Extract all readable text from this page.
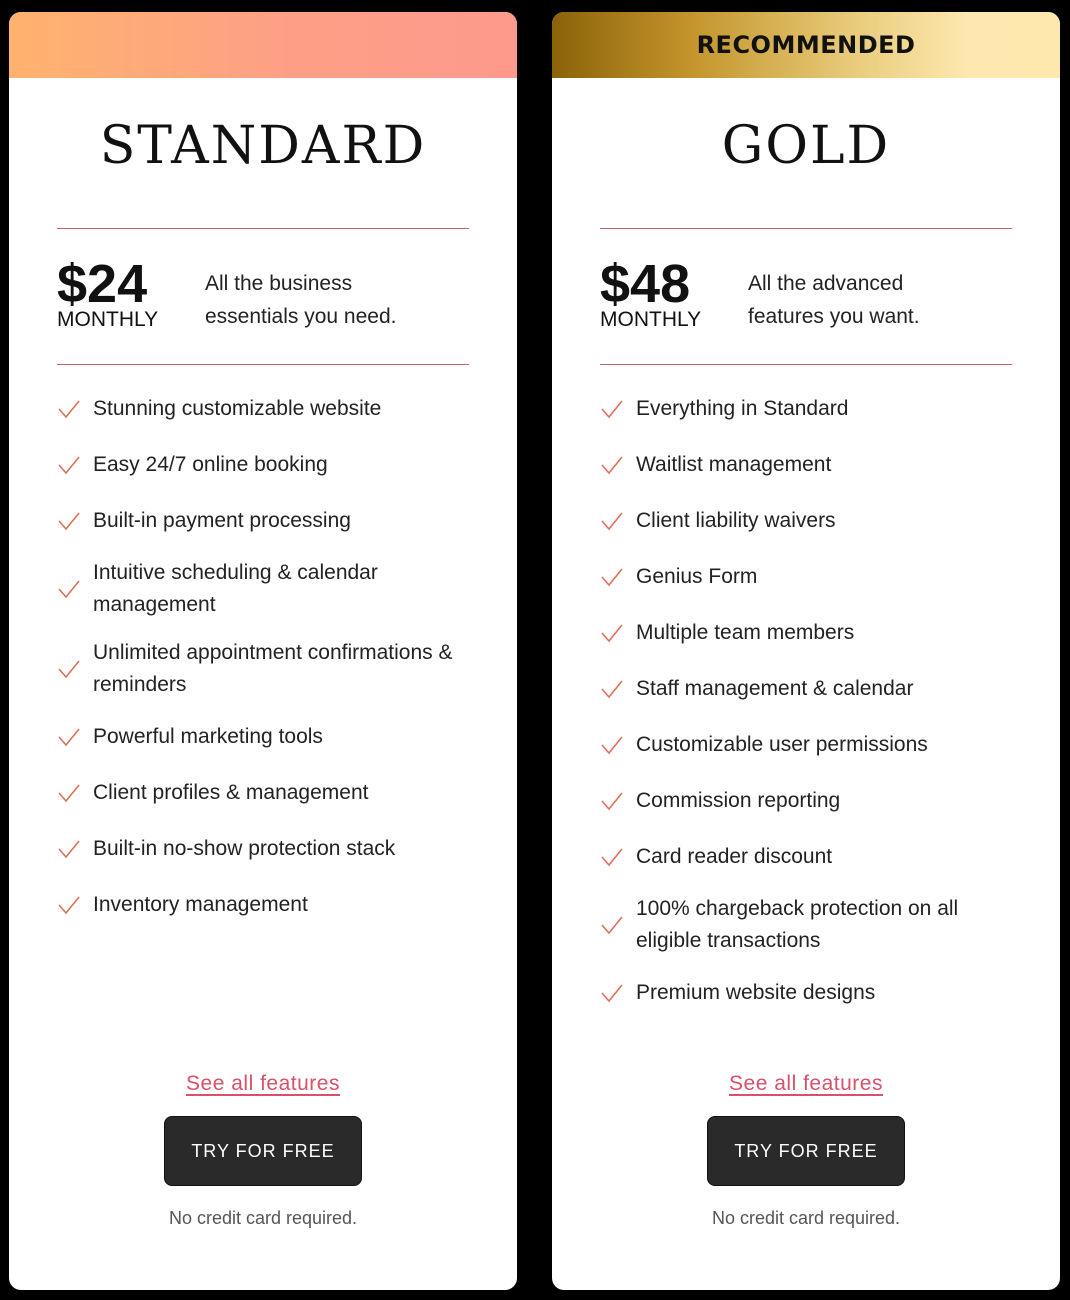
STANDARD
$24
MONTHLY
All the business essentials you need.
Stunning customizable website
Easy 24/7 online booking
Built-in payment processing
Intuitive scheduling & calendar management
Unlimited appointment confirmations & reminders
Powerful marketing tools
Client profiles & management
Built-in no-show protection stack
Inventory management
See all features
TRY FOR FREE
No credit card required.
RECOMMENDED
GOLD
$48
MONTHLY
All the advanced features you want.
Everything in Standard
Waitlist management
Client liability waivers
Genius Form
Multiple team members
Staff management & calendar
Customizable user permissions
Commission reporting
Card reader discount
100% chargeback protection on all eligible transactions
Premium website designs
See all features
TRY FOR FREE
No credit card required.
